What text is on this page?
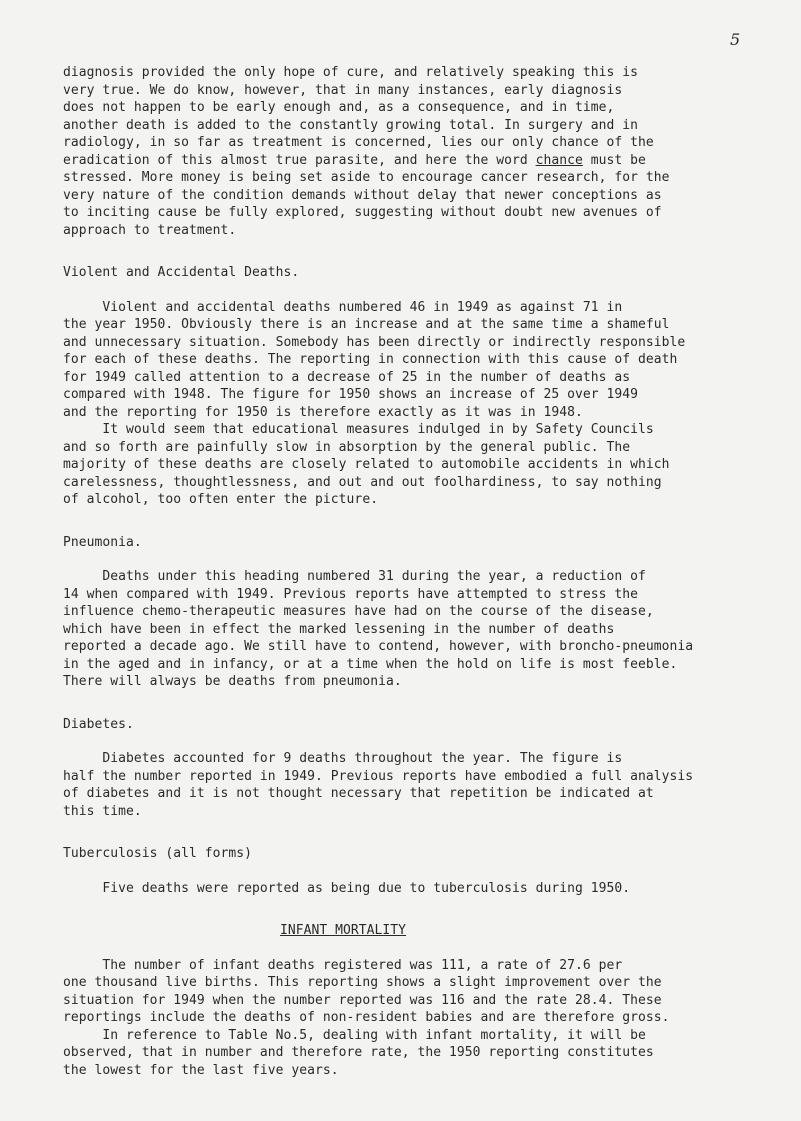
5
diagnosis provided the only hope of cure, and relatively speaking this is
very true. We do know, however, that in many instances, early diagnosis
does not happen to be early enough and, as a consequence, and in time,
another death is added to the constantly growing total. In surgery and in
radiology, in so far as treatment is concerned, lies our only chance of the
eradication of this almost true parasite, and here the word chance must be
stressed. More money is being set aside to encourage cancer research, for the
very nature of the condition demands without delay that newer conceptions as
to inciting cause be fully explored, suggesting without doubt new avenues of
approach to treatment.
Violent and Accidental Deaths.
Violent and accidental deaths numbered 46 in 1949 as against 71 in
the year 1950. Obviously there is an increase and at the same time a shameful
and unnecessary situation. Somebody has been directly or indirectly responsible
for each of these deaths. The reporting in connection with this cause of death
for 1949 called attention to a decrease of 25 in the number of deaths as
compared with 1948. The figure for 1950 shows an increase of 25 over 1949
and the reporting for 1950 is therefore exactly as it was in 1948.
It would seem that educational measures indulged in by Safety Councils
and so forth are painfully slow in absorption by the general public. The
majority of these deaths are closely related to automobile accidents in which
carelessness, thoughtlessness, and out and out foolhardiness, to say nothing
of alcohol, too often enter the picture.
Pneumonia.
Deaths under this heading numbered 31 during the year, a reduction of
14 when compared with 1949. Previous reports have attempted to stress the
influence chemo-therapeutic measures have had on the course of the disease,
which have been in effect the marked lessening in the number of deaths
reported a decade ago. We still have to contend, however, with broncho-pneumonia
in the aged and in infancy, or at a time when the hold on life is most feeble.
There will always be deaths from pneumonia.
Diabetes.
Diabetes accounted for 9 deaths throughout the year. The figure is
half the number reported in 1949. Previous reports have embodied a full analysis
of diabetes and it is not thought necessary that repetition be indicated at
this time.
Tuberculosis (all forms)
Five deaths were reported as being due to tuberculosis during 1950.
INFANT MORTALITY
The number of infant deaths registered was 111, a rate of 27.6 per
one thousand live births. This reporting shows a slight improvement over the
situation for 1949 when the number reported was 116 and the rate 28.4. These
reportings include the deaths of non-resident babies and are therefore gross.
In reference to Table No.5, dealing with infant mortality, it will be
observed, that in number and therefore rate, the 1950 reporting constitutes
the lowest for the last five years.
